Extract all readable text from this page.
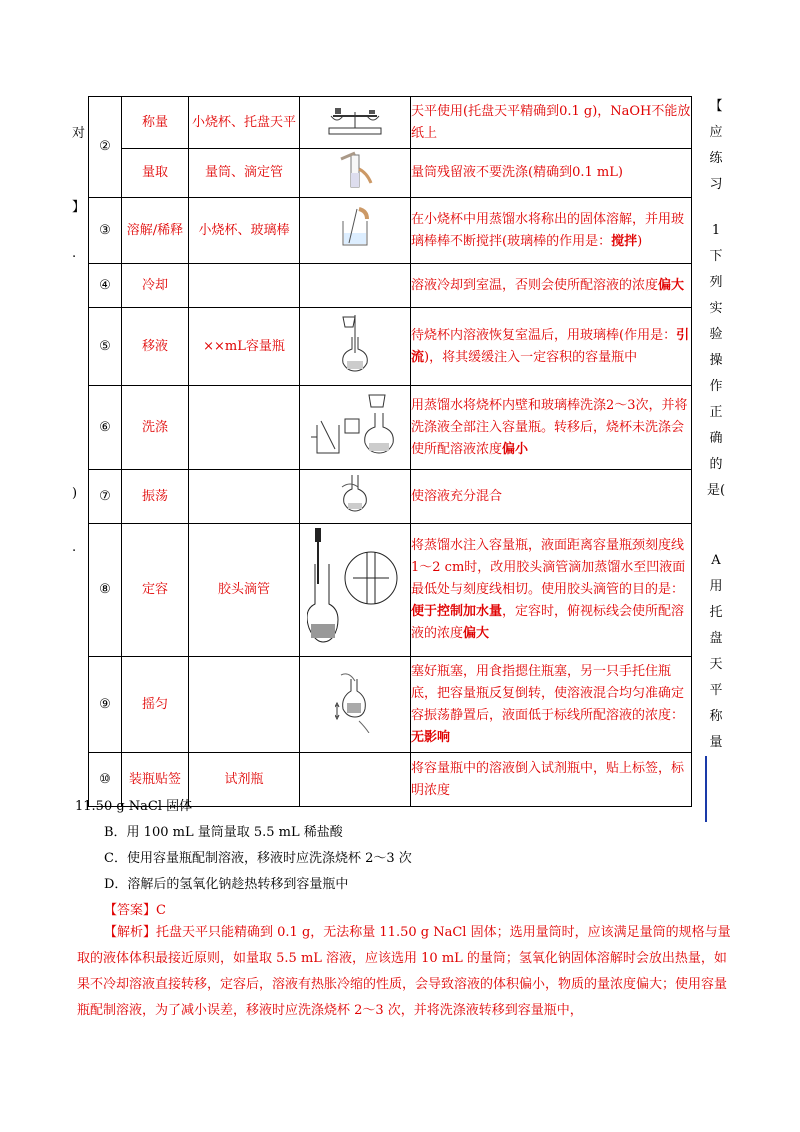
对
】
.
)
.
【
应
练
习
1
下
列
实
验
操
作
正
确
的
是(
A
用
托
盘
天
平
称
量
②	称量	小烧杯、托盘天平		天平使用(托盘天平精确到0.1 g)，NaOH不能放纸上
	量取	量筒、滴定管		量筒残留液不要洗涤(精确到0.1 mL)
③	溶解/稀释	小烧杯、玻璃棒		在小烧杯中用蒸馏水将称出的固体溶解，并用玻璃棒棒不断搅拌(玻璃棒的作用是：搅拌)
④	冷却			溶液冷却到室温，否则会使所配溶液的浓度偏大
⑤	移液	××mL容量瓶		待烧杯内溶液恢复室温后，用玻璃棒(作用是：引流)，将其缓缓注入一定容积的容量瓶中
⑥	洗涤			用蒸馏水将烧杯内壁和玻璃棒洗涤2～3次，并将洗涤液全部注入容量瓶。转移后，烧杯未洗涤会使所配溶液浓度偏小
⑦	振荡			使溶液充分混合
⑧	定容	胶头滴管		将蒸馏水注入容量瓶，液面距离容量瓶颈刻度线1～2 cm时，改用胶头滴管滴加蒸馏水至凹液面最低处与刻度线相切。使用胶头滴管的目的是：便于控制加水量，定容时，俯视标线会使所配溶液的浓度偏大
⑨	摇匀			塞好瓶塞，用食指摁住瓶塞，另一只手托住瓶底，把容量瓶反复倒转，使溶液混合均匀准确定容振荡静置后，液面低于标线所配溶液的浓度：无影响
⑩	装瓶贴签	试剂瓶		将容量瓶中的溶液倒入试剂瓶中，贴上标签，标明浓度
11.50 g NaCl 固体
B．用 100 mL 量筒量取 5.5 mL 稀盐酸
C．使用容量瓶配制溶液，移液时应洗涤烧杯 2～3 次
D．溶解后的氢氧化钠趁热转移到容量瓶中
【答案】C
【解析】托盘天平只能精确到 0.1 g，无法称量 11.50 g NaCl 固体；选用量筒时，应该满足量筒的规格与量取的液体体积最接近原则，如量取 5.5 mL 溶液，应该选用 10 mL 的量筒；氢氧化钠固体溶解时会放出热量，如果不冷却溶液直接转移，定容后，溶液有热胀冷缩的性质，会导致溶液的体积偏小，物质的量浓度偏大；使用容量瓶配制溶液，为了减小误差，移液时应洗涤烧杯 2～3 次，并将洗涤液转移到容量瓶中，
